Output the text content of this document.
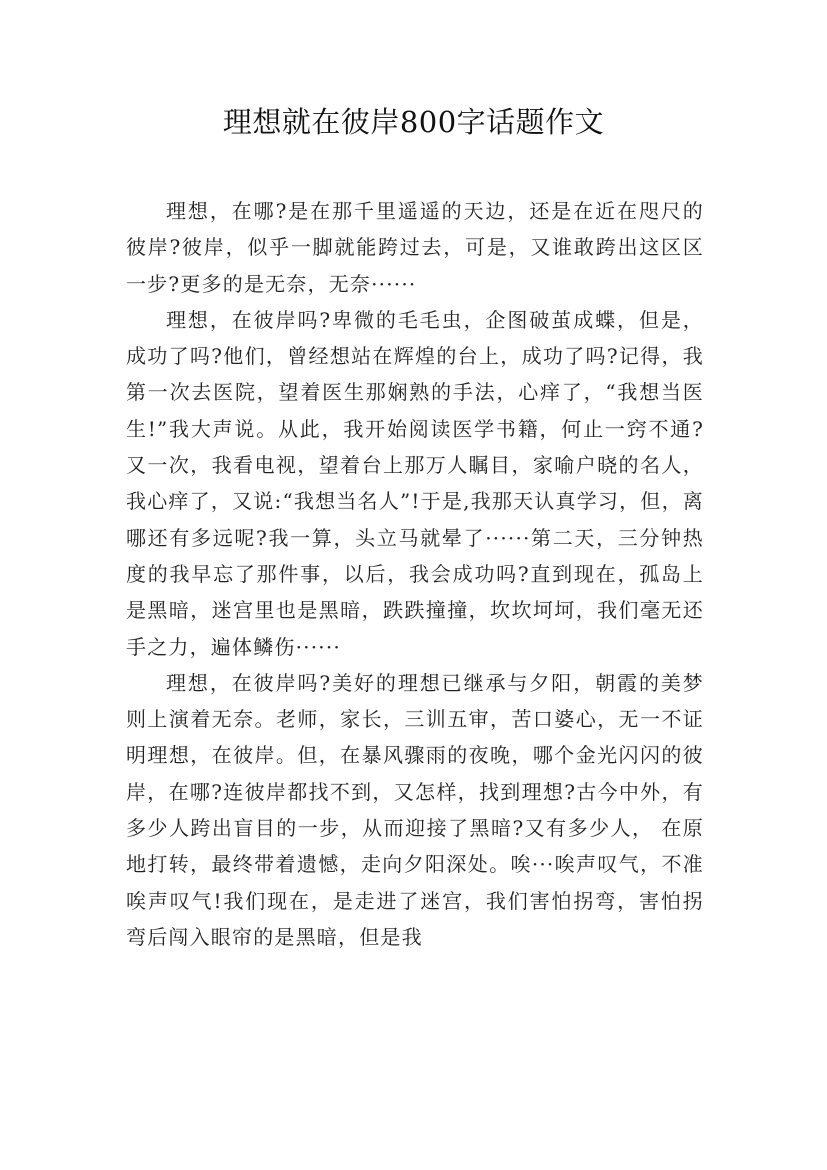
理想就在彼岸800字话题作文

理想，在哪?是在那千里遥遥的天边，还是在近在咫尺的彼岸?彼岸，似乎一脚就能跨过去，可是，又谁敢跨出这区区一步?更多的是无奈，无奈······

理想，在彼岸吗?卑微的毛毛虫，企图破茧成蝶，但是，成功了吗?他们，曾经想站在辉煌的台上，成功了吗?记得，我第一次去医院，望着医生那娴熟的手法，心痒了，“我想当医生!”我大声说。从此，我开始阅读医学书籍，何止一窍不通?又一次，我看电视，望着台上那万人瞩目，家喻户晓的名人，我心痒了，又说:“我想当名人”!于是,我那天认真学习，但，离哪还有多远呢?我一算，头立马就晕了······第二天，三分钟热度的我早忘了那件事，以后，我会成功吗?直到现在，孤岛上是黑暗，迷宫里也是黑暗，跌跌撞撞，坎坎坷坷，我们毫无还手之力，遍体鳞伤······

理想，在彼岸吗?美好的理想已继承与夕阳，朝霞的美梦则上演着无奈。老师，家长，三训五审，苦口婆心，无一不证明理想，在彼岸。但，在暴风骤雨的夜晚，哪个金光闪闪的彼岸，在哪?连彼岸都找不到，又怎样，找到理想?古今中外，有多少人跨出盲目的一步，从而迎接了黑暗?又有多少人， 在原地打转，最终带着遗憾，走向夕阳深处。唉···唉声叹气，不准唉声叹气!我们现在，是走进了迷宫，我们害怕拐弯，害怕拐弯后闯入眼帘的是黑暗，但是我
